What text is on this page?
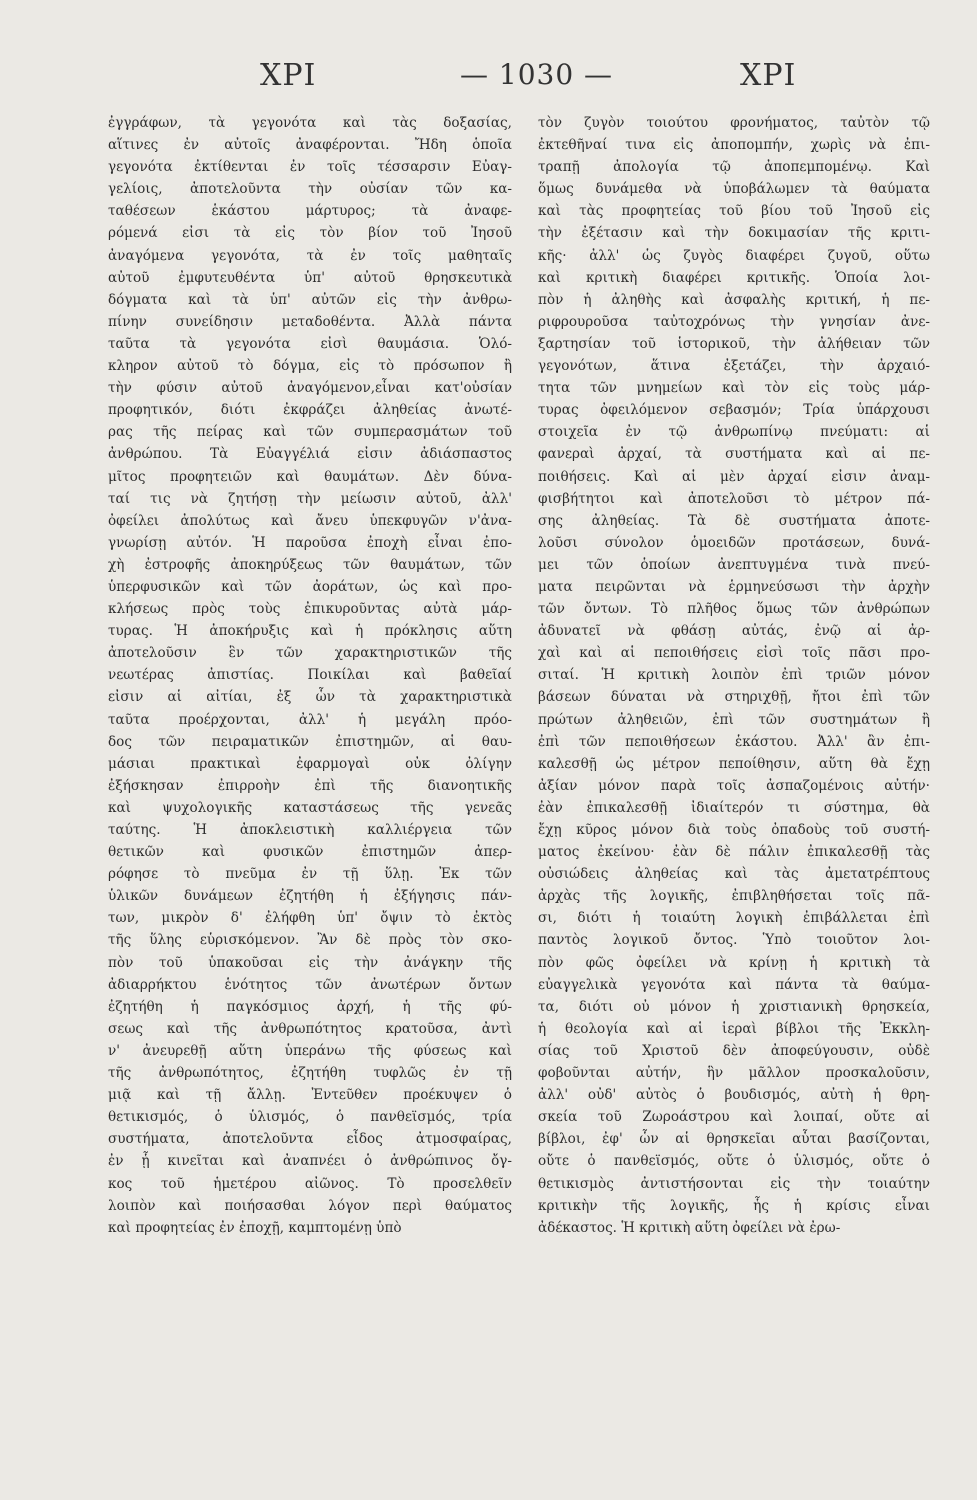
ΧΡΙ	— 1030 —	ΧΡΙ
ἐγγράφων, τὰ γεγονότα καὶ τὰς δοξασίας,
αἵτινες ἐν αὐτοῖς ἀναφέρονται. Ἤδη ὁποῖα
γεγονότα ἐκτίθενται ἐν τοῖς τέσσαρσιν Εὐαγ-
γελίοις, ἀποτελοῦντα τὴν οὐσίαν τῶν κα-
ταθέσεων ἑκάστου μάρτυρος; τὰ ἀναφε-
ρόμενά εἰσι τὰ εἰς τὸν βίον τοῦ Ἰησοῦ
ἀναγόμενα γεγονότα, τὰ ἐν τοῖς μαθηταῖς
αὐτοῦ ἐμφυτευθέντα ὑπ' αὐτοῦ θρησκευτικὰ
δόγματα καὶ τὰ ὑπ' αὐτῶν εἰς τὴν ἀνθρω-
πίνην συνείδησιν μεταδοθέντα. Ἀλλὰ πάντα
ταῦτα τὰ γεγονότα εἰσὶ θαυμάσια. Ὁλό-
κληρον αὐτοῦ τὸ δόγμα, εἰς τὸ πρόσωπον ἢ
τὴν φύσιν αὐτοῦ ἀναγόμενον,εἶναι κατ'οὐσίαν
προφητικόν, διότι ἐκφράζει ἀληθείας ἀνωτέ-
ρας τῆς πείρας καὶ τῶν συμπερασμάτων τοῦ
ἀνθρώπου. Τὰ Εὐαγγέλιά εἰσιν ἀδιάσπαστος
μῖτος προφητειῶν καὶ θαυμάτων. Δὲν δύνα-
ταί τις νὰ ζητήσῃ τὴν μείωσιν αὐτοῦ, ἀλλ'
ὀφείλει ἀπολύτως καὶ ἄνευ ὑπεκφυγῶν ν'ἀνα-
γνωρίσῃ αὐτόν. Ἡ παροῦσα ἐποχὴ εἶναι ἐπο-
χὴ ἐστροφῆς ἀποκηρύξεως τῶν θαυμάτων, τῶν
ὑπερφυσικῶν καὶ τῶν ἀοράτων, ὡς καὶ προ-
κλήσεως πρὸς τοὺς ἐπικυροῦντας αὐτὰ μάρ-
τυρας. Ἡ ἀποκήρυξις καὶ ἡ πρόκλησις αὕτη
ἀποτελοῦσιν ἓν τῶν χαρακτηριστικῶν τῆς
νεωτέρας ἀπιστίας. Ποικίλαι καὶ βαθεῖαί
εἰσιν αἱ αἰτίαι, ἐξ ὧν τὰ χαρακτηριστικὰ
ταῦτα προέρχονται, ἀλλ' ἡ μεγάλη πρόο-
δος τῶν πειραματικῶν ἐπιστημῶν, αἱ θαυ-
μάσιαι πρακτικαὶ ἐφαρμογαὶ οὐκ ὀλίγην
ἐξήσκησαν ἐπιρροὴν ἐπὶ τῆς διανοητικῆς
καὶ ψυχολογικῆς καταστάσεως τῆς γενεᾶς
ταύτης. Ἡ ἀποκλειστικὴ καλλιέργεια τῶν
θετικῶν καὶ φυσικῶν ἐπιστημῶν ἀπερ-
ρόφησε τὸ πνεῦμα ἐν τῇ ὕλῃ. Ἐκ τῶν
ὑλικῶν δυνάμεων ἐζητήθη ἡ ἐξήγησις πάν-
των, μικρὸν δ' ἐλήφθη ὑπ' ὄψιν τὸ ἐκτὸς
τῆς ὕλης εὑρισκόμενον. Ἂν δὲ πρὸς τὸν σκο-
πὸν τοῦ ὑπακοῦσαι εἰς τὴν ἀνάγκην τῆς
ἀδιαρρήκτου ἑνότητος τῶν ἀνωτέρων ὄντων
ἐζητήθη ἡ παγκόσμιος ἀρχή, ἡ τῆς φύ-
σεως καὶ τῆς ἀνθρωπότητος κρατοῦσα, ἀντὶ
ν' ἀνευρεθῇ αὕτη ὑπεράνω τῆς φύσεως καὶ
τῆς ἀνθρωπότητος, ἐζητήθη τυφλῶς ἐν τῇ
μιᾷ καὶ τῇ ἄλλῃ. Ἐντεῦθεν προέκυψεν ὁ
θετικισμός, ὁ ὑλισμός, ὁ πανθεϊσμός, τρία
συστήματα, ἀποτελοῦντα εἶδος ἀτμοσφαίρας,
ἐν ᾗ κινεῖται καὶ ἀναπνέει ὁ ἀνθρώπινος ὄγ-
κος τοῦ ἡμετέρου αἰῶνος. Τὸ προσελθεῖν
λοιπὸν καὶ ποιήσασθαι λόγον περὶ θαύματος
καὶ προφητείας ἐν ἐποχῇ, καμπτομένῃ ὑπὸ
τὸν ζυγὸν τοιούτου φρονήματος, ταὐτὸν τῷ
ἐκτεθῆναί τινα εἰς ἀποπομπήν, χωρὶς νὰ ἐπι-
τραπῇ ἀπολογία τῷ ἀποπεμπομένῳ. Καὶ
ὅμως δυνάμεθα νὰ ὑποβάλωμεν τὰ θαύματα
καὶ τὰς προφητείας τοῦ βίου τοῦ Ἰησοῦ εἰς
τὴν ἐξέτασιν καὶ τὴν δοκιμασίαν τῆς κριτι-
κῆς· ἀλλ' ὡς ζυγὸς διαφέρει ζυγοῦ, οὕτω
καὶ κριτικὴ διαφέρει κριτικῆς. Ὁποία λοι-
πὸν ἡ ἀληθὴς καὶ ἀσφαλὴς κριτική, ἡ πε-
ριφρουροῦσα ταὐτοχρόνως τὴν γνησίαν ἀνε-
ξαρτησίαν τοῦ ἱστορικοῦ, τὴν ἀλήθειαν τῶν
γεγονότων, ἅτινα ἐξετάζει, τὴν ἀρχαιό-
τητα τῶν μνημείων καὶ τὸν εἰς τοὺς μάρ-
τυρας ὀφειλόμενον σεβασμόν; Τρία ὑπάρχουσι
στοιχεῖα ἐν τῷ ἀνθρωπίνῳ πνεύματι: αἱ
φανεραὶ ἀρχαί, τὰ συστήματα καὶ αἱ πε-
ποιθήσεις. Καὶ αἱ μὲν ἀρχαί εἰσιν ἀναμ-
φισβήτητοι καὶ ἀποτελοῦσι τὸ μέτρον πά-
σης ἀληθείας. Τὰ δὲ συστήματα ἀποτε-
λοῦσι σύνολον ὁμοειδῶν προτάσεων, δυνά-
μει τῶν ὁποίων ἀνεπτυγμένα τινὰ πνεύ-
ματα πειρῶνται νὰ ἑρμηνεύσωσι τὴν ἀρχὴν
τῶν ὄντων. Τὸ πλῆθος ὅμως τῶν ἀνθρώπων
ἀδυνατεῖ νὰ φθάσῃ αὐτάς, ἐνῷ αἱ ἀρ-
χαὶ καὶ αἱ πεποιθήσεις εἰσὶ τοῖς πᾶσι προ-
σιταί. Ἡ κριτικὴ λοιπὸν ἐπὶ τριῶν μόνον
βάσεων δύναται νὰ στηριχθῇ, ἤτοι ἐπὶ τῶν
πρώτων ἀληθειῶν, ἐπὶ τῶν συστημάτων ἢ
ἐπὶ τῶν πεποιθήσεων ἑκάστου. Ἀλλ' ἂν ἐπι-
καλεσθῇ ὡς μέτρον πεποίθησιν, αὕτη θὰ ἔχῃ
ἀξίαν μόνον παρὰ τοῖς ἀσπαζομένοις αὐτήν·
ἐὰν ἐπικαλεσθῇ ἰδιαίτερόν τι σύστημα, θὰ
ἔχῃ κῦρος μόνον διὰ τοὺς ὀπαδοὺς τοῦ συστή-
ματος ἐκείνου· ἐὰν δὲ πάλιν ἐπικαλεσθῇ τὰς
οὐσιώδεις ἀληθείας καὶ τὰς ἀμετατρέπτους
ἀρχὰς τῆς λογικῆς, ἐπιβληθήσεται τοῖς πᾶ-
σι, διότι ἡ τοιαύτη λογικὴ ἐπιβάλλεται ἐπὶ
παντὸς λογικοῦ ὄντος. Ὑπὸ τοιοῦτον λοι-
πὸν φῶς ὀφείλει νὰ κρίνῃ ἡ κριτικὴ τὰ
εὐαγγελικὰ γεγονότα καὶ πάντα τὰ θαύμα-
τα, διότι οὐ μόνον ἡ χριστιανικὴ θρησκεία,
ἡ θεολογία καὶ αἱ ἱεραὶ βίβλοι τῆς Ἐκκλη-
σίας τοῦ Χριστοῦ δὲν ἀποφεύγουσιν, οὐδὲ
φοβοῦνται αὐτήν, ἣν μᾶλλον προσκαλοῦσιν,
ἀλλ' οὐδ' αὐτὸς ὁ βουδισμός, αὐτὴ ἡ θρη-
σκεία τοῦ Ζωροάστρου καὶ λοιπαί, οὔτε αἱ
βίβλοι, ἐφ' ὧν αἱ θρησκεῖαι αὗται βασίζονται,
οὔτε ὁ πανθεϊσμός, οὔτε ὁ ὑλισμός, οὔτε ὁ
θετικισμὸς ἀντιστήσονται εἰς τὴν τοιαύτην
κριτικὴν τῆς λογικῆς, ἧς ἡ κρίσις εἶναι
ἀδέκαστος. Ἡ κριτικὴ αὕτη ὀφείλει νὰ ἐρω-
